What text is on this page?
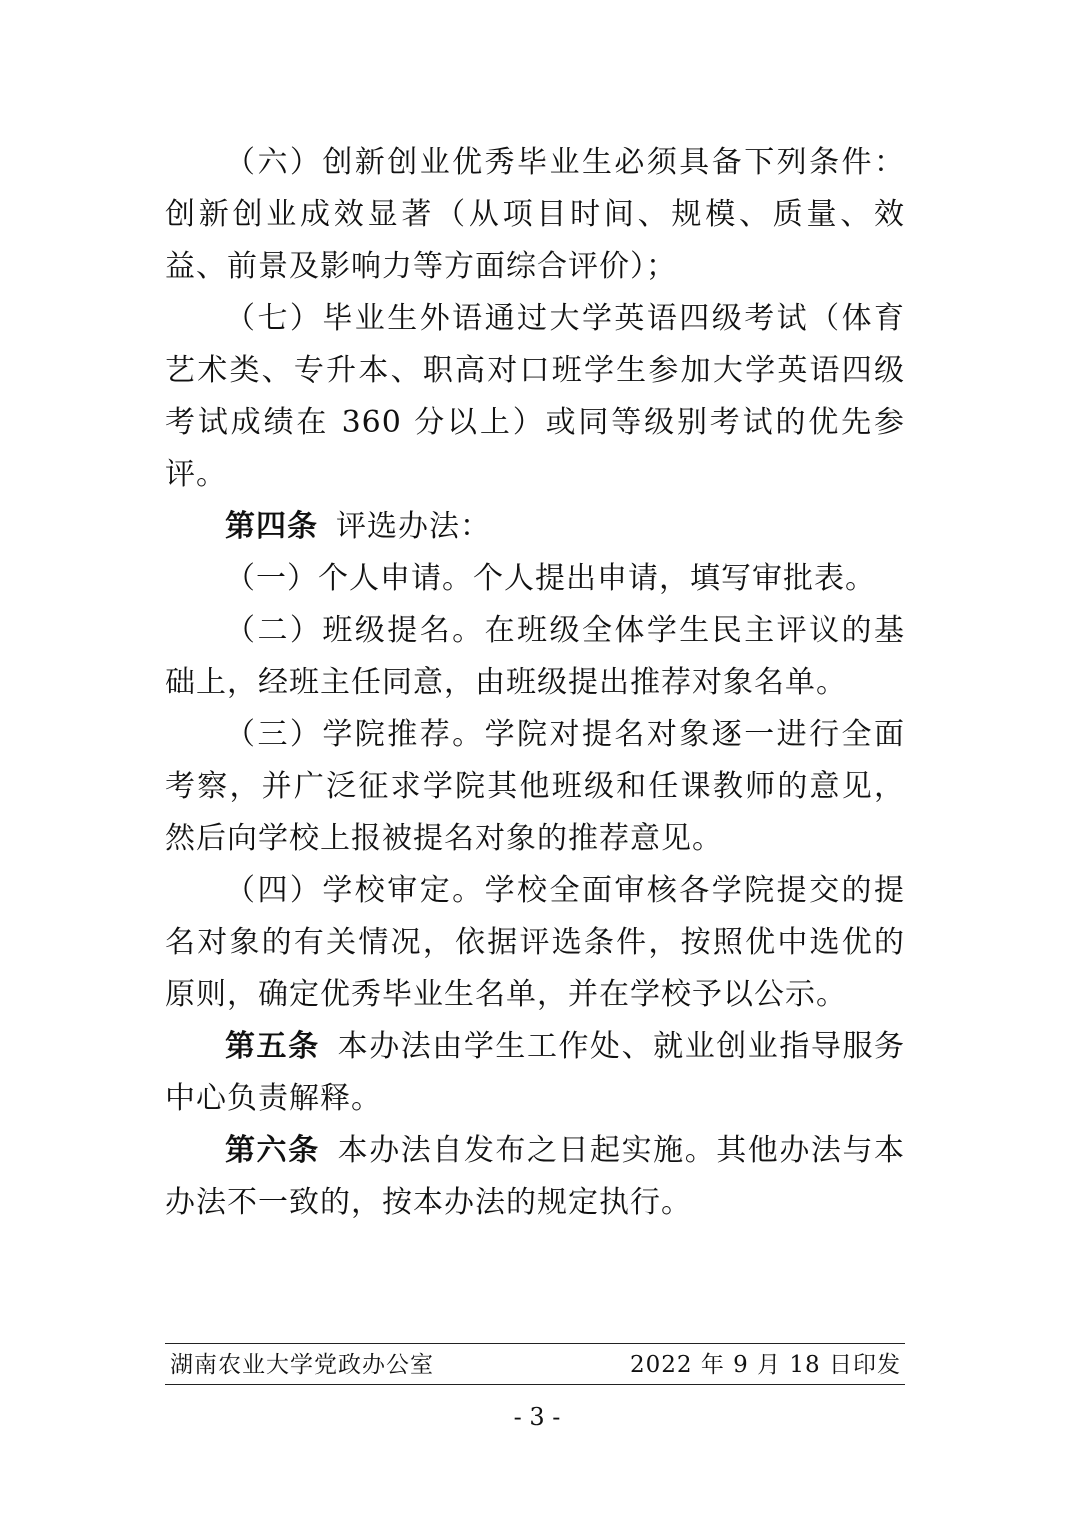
（六）创新创业优秀毕业生必须具备下列条件：创新创业成效显著（从项目时间、规模、质量、效益、前景及影响力等方面综合评价）；

（七）毕业生外语通过大学英语四级考试（体育艺术类、专升本、职高对口班学生参加大学英语四级考试成绩在 360 分以上）或同等级别考试的优先参评。

第四条 评选办法：

（一）个人申请。个人提出申请，填写审批表。

（二）班级提名。在班级全体学生民主评议的基础上，经班主任同意，由班级提出推荐对象名单。

（三）学院推荐。学院对提名对象逐一进行全面考察，并广泛征求学院其他班级和任课教师的意见，然后向学校上报被提名对象的推荐意见。

（四）学校审定。学校全面审核各学院提交的提名对象的有关情况，依据评选条件，按照优中选优的原则，确定优秀毕业生名单，并在学校予以公示。

第五条 本办法由学生工作处、就业创业指导服务中心负责解释。

第六条 本办法自发布之日起实施。其他办法与本办法不一致的，按本办法的规定执行。

湖南农业大学党政办公室	2022 年 9 月 18 日印发
- 3 -
